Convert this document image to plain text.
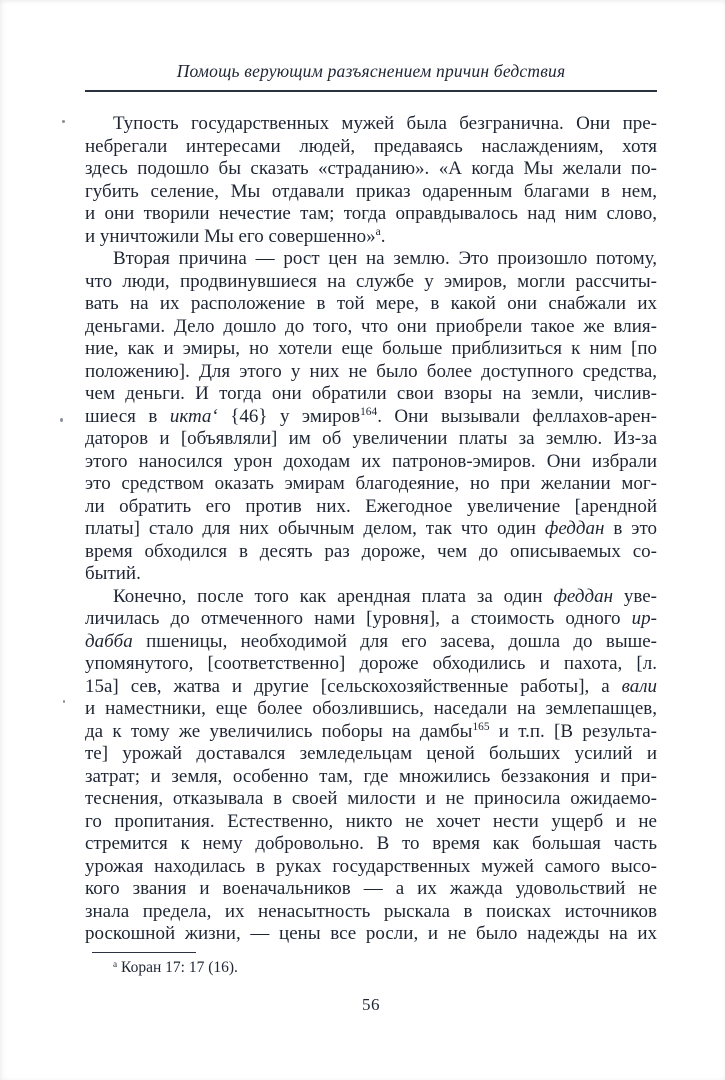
Помощь верующим разъяснением причин бедствия
Тупость государственных мужей была безгранична. Они пре-
небрегали интересами людей, предаваясь наслаждениям, хотя
здесь подошло бы сказать «страданию». «А когда Мы желали по-
губить селение, Мы отдавали приказ одаренным благами в нем,
и они творили нечестие там; тогда оправдывалось над ним слово,
и уничтожили Мы его совершенно»$^а$.
Вторая причина — рост цен на землю. Это произошло потому,
что люди, продвинувшиеся на службе у эмиров, могли рассчиты-
вать на их расположение в той мере, в какой они снабжали их
деньгами. Дело дошло до того, что они приобрели такое же влия-
ние, как и эмиры, но хотели еще больше приблизиться к ним [по
положению]. Для этого у них не было более доступного средства,
чем деньги. И тогда они обратили свои взоры на земли, числив-
шиеся в икта‘ {46} у эмиров$^{164}$. Они вызывали феллахов-арен-
даторов и [объявляли] им об увеличении платы за землю. Из-за
этого наносился урон доходам их патронов-эмиров. Они избрали
это средством оказать эмирам благодеяние, но при желании мог-
ли обратить его против них. Ежегодное увеличение [арендной
платы] стало для них обычным делом, так что один феддан в это
время обходился в десять раз дороже, чем до описываемых со-
бытий.
Конечно, после того как арендная плата за один феддан уве-
личилась до отмеченного нами [уровня], а стоимость одного ир-
дабба пшеницы, необходимой для его засева, дошла до выше-
упомянутого, [соответственно] дороже обходились и пахота, [л.
15а] сев, жатва и другие [сельскохозяйственные работы], а вали
и наместники, еще более обозлившись, наседали на землепашцев,
да к тому же увеличились поборы на дамбы$^{165}$ и т.п. [В результа-
те] урожай доставался земледельцам ценой больших усилий и
затрат; и земля, особенно там, где множились беззакония и при-
теснения, отказывала в своей милости и не приносила ожидаемо-
го пропитания. Естественно, никто не хочет нести ущерб и не
стремится к нему добровольно. В то время как большая часть
урожая находилась в руках государственных мужей самого высо-
кого звания и военачальников — а их жажда удовольствий не
знала предела, их ненасытность рыскала в поисках источников
роскошной жизни, — цены все росли, и не было надежды на их
$^а$ Коран 17: 17 (16).
56
